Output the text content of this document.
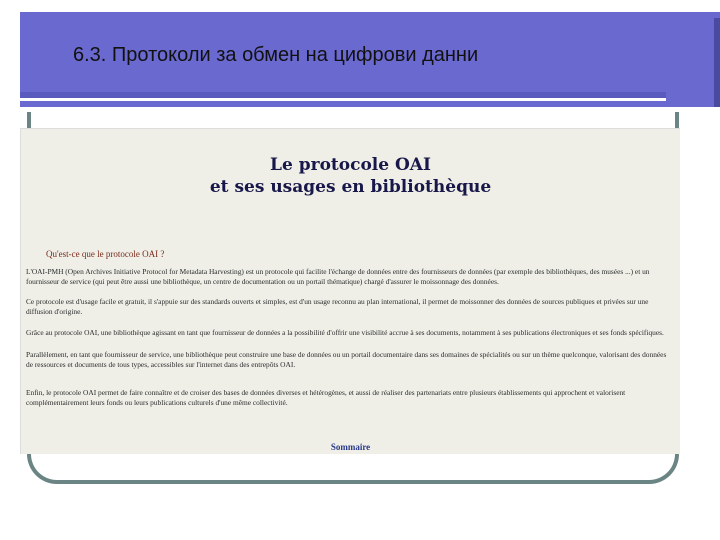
6.3. Протоколи за обмен на цифрови данни
Le protocole OAI
et ses usages en bibliothèque
Qu'est-ce que le protocole OAI ?
L'OAI-PMH (Open Archives Initiative Protocol for Metadata Harvesting) est un protocole qui facilite l'échange de données entre des fournisseurs de données (par exemple des bibliothèques, des musées ...) et un fournisseur de service (qui peut être aussi une bibliothèque, un centre de documentation ou un portail thématique) chargé d'assurer le moissonnage des données.
Ce protocole est d'usage facile et gratuit, il s'appuie sur des standards ouverts et simples, est d'un usage reconnu au plan international, il permet de moissonner des données de sources publiques et privées sur une diffusion d'origine.
Grâce au protocole OAI, une bibliothèque agissant en tant que fournisseur de données a la possibilité d'offrir une visibilité accrue à ses documents, notamment à ses publications électroniques et ses fonds spécifiques.
Parallèlement, en tant que fournisseur de service, une bibliothèque peut construire une base de données ou un portail documentaire dans ses domaines de spécialités ou sur un thème quelconque, valorisant des données de ressources et documents de tous types, accessibles sur l'internet dans des entrepôts OAI.
Enfin, le protocole OAI permet de faire connaître et de croiser des bases de données diverses et hétérogènes, et aussi de réaliser des partenariats entre plusieurs établissements qui approchent et valorisent complémentairement leurs fonds ou leurs publications culturels d'une même collectivité.
Sommaire
